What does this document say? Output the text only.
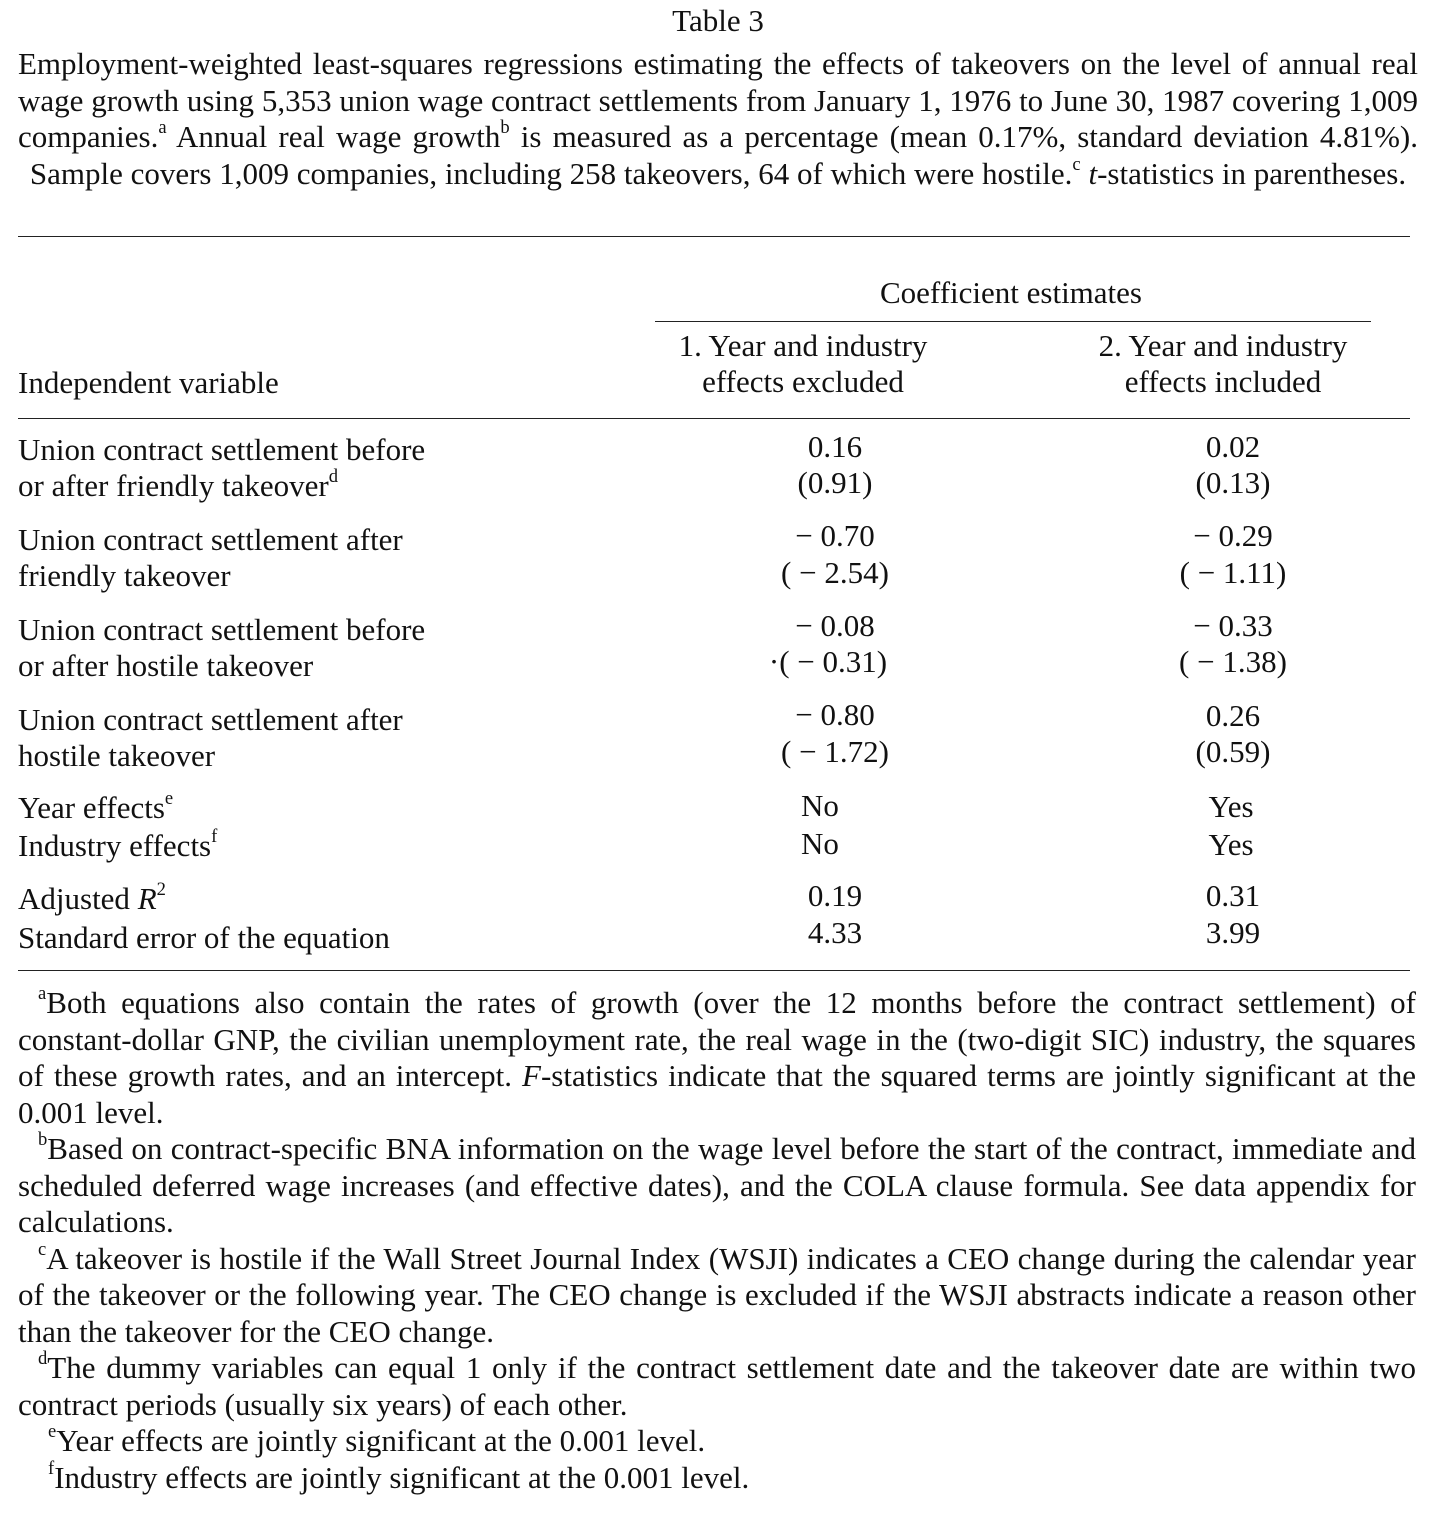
Table 3

Employment-weighted least-squares regressions estimating the effects of takeovers on the level of annual real wage growth using 5,353 union wage contract settlements from January 1, 1976 to June 30, 1987 covering 1,009 companies.$^a$ Annual real wage growth$^b$ is measured as a percentage (mean 0.17%, standard deviation 4.81%). Sample covers 1,009 companies, including 258 takeovers, 64 of which were hostile.$^c$ t-statistics in parentheses.

Coefficient estimates
Independent variable
1. Year and industry
effects excluded
2. Year and industry
effects included
Union contract settlement before
or after friendly takeover$^d$
0.16
(0.91)
0.02
(0.13)
Union contract settlement after
friendly takeover
− 0.70
( − 2.54)
− 0.29
( − 1.11)
Union contract settlement before
or after hostile takeover
− 0.08
·( − 0.31)
− 0.33
( − 1.38)
Union contract settlement after
hostile takeover
− 0.80
( − 1.72)
0.26
(0.59)
Year effects$^e$
Industry effects$^f$
No
No
Yes
Yes
Adjusted $R^2$
Standard error of the equation
0.19
4.33
0.31
3.99

$^a$Both equations also contain the rates of growth (over the 12 months before the contract settlement) of constant-dollar GNP, the civilian unemployment rate, the real wage in the (two-digit SIC) industry, the squares of these growth rates, and an intercept. F-statistics indicate that the squared terms are jointly significant at the 0.001 level.

$^b$Based on contract-specific BNA information on the wage level before the start of the contract, immediate and scheduled deferred wage increases (and effective dates), and the COLA clause formula. See data appendix for calculations.

$^c$A takeover is hostile if the Wall Street Journal Index (WSJI) indicates a CEO change during the calendar year of the takeover or the following year. The CEO change is excluded if the WSJI abstracts indicate a reason other than the takeover for the CEO change.

$^d$The dummy variables can equal 1 only if the contract settlement date and the takeover date are within two contract periods (usually six years) of each other.

$^e$Year effects are jointly significant at the 0.001 level.

$^f$Industry effects are jointly significant at the 0.001 level.
